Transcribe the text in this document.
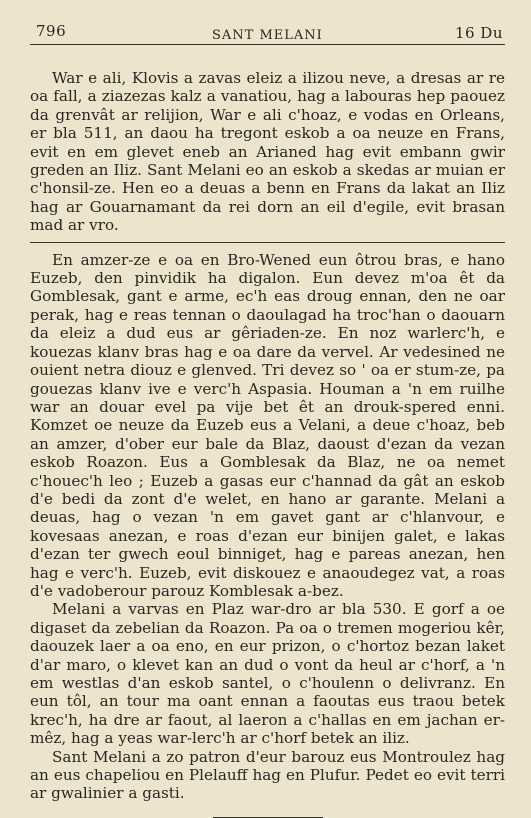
796	SANT MELANI	16 Du

War e ali, Klovis a zavas eleiz a ilizou neve, a dresas ar re oa fall, a ziazezas kalz a vanatiou, hag a labouras hep paouez da grenvât ar relijion, War e ali c'hoaz, e vodas en Orleans, er bla 511, an daou ha tregont eskob a oa neuze en Frans, evit en em glevet eneb an Arianed hag evit embann gwir greden an Iliz. Sant Melani eo an eskob a skedas ar muian er c'honsil-ze. Hen eo a deuas a benn en Frans da lakat an Iliz hag ar Gouarnamant da rei dorn an eil d'egile, evit brasan mad ar vro.

En amzer-ze e oa en Bro-Wened eun ôtrou bras, e hano Euzeb, den pinvidik ha digalon. Eun devez m'oa êt da Gomblesak, gant e arme, ec'h eas droug ennan, den ne oar perak, hag e reas tennan o daoulagad ha troc'han o daouarn da eleiz a dud eus ar gêriaden-ze. En noz warlerc'h, e kouezas klanv bras hag e oa dare da vervel. Ar vedesined ne ouient netra diouz e glenved. Tri devez so ' oa er stum-ze, pa gouezas klanv ive e verc'h Aspasia. Houman a 'n em ruilhe war an douar evel pa vije bet êt an drouk-spered enni. Komzet oe neuze da Euzeb eus a Velani, a deue c'hoaz, beb an amzer, d'ober eur bale da Blaz, daoust d'ezan da vezan eskob Roazon. Eus a Gomblesak da Blaz, ne oa nemet c'houec'h leo ; Euzeb a gasas eur c'hannad da gât an eskob d'e bedi da zont d'e welet, en hano ar garante. Melani a deuas, hag o vezan 'n em gavet gant ar c'hlanvour, e kovesaas anezan, e roas d'ezan eur binijen galet, e lakas d'ezan ter gwech eoul binniget, hag e pareas anezan, hen hag e verc'h. Euzeb, evit diskouez e anaoudegez vat, a roas d'e vadoberour parouz Komblesak a-bez.

Melani a varvas en Plaz war-dro ar bla 530. E gorf a oe digaset da zebelian da Roazon. Pa oa o tremen mogeriou kêr, daouzek laer a oa eno, en eur prizon, o c'hortoz bezan laket d'ar maro, o klevet kan an dud o vont da heul ar c'horf, a 'n em westlas d'an eskob santel, o c'houlenn o delivranz. En eun tôl, an tour ma oant ennan a faoutas eus traou betek krec'h, ha dre ar faout, al laeron a c'hallas en em jachan er-mêz, hag a yeas war-lerc'h ar c'horf betek an iliz.

Sant Melani a zo patron d'eur barouz eus Montroulez hag an eus chapeliou en Plelauff hag en Plufur. Pedet eo evit terri ar gwalinier a gasti.
